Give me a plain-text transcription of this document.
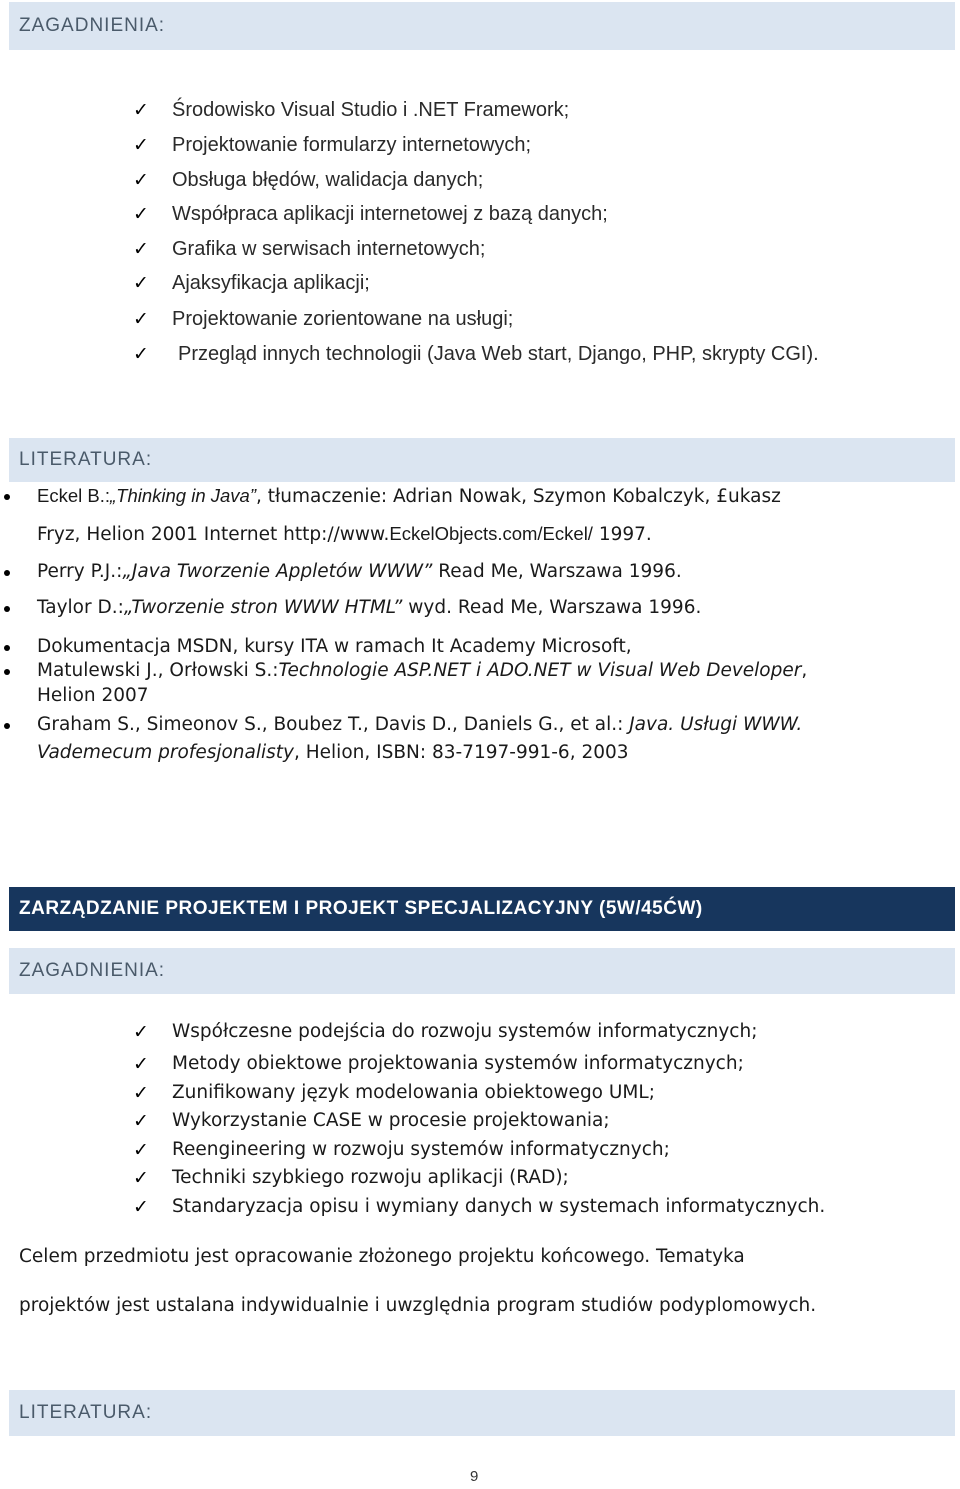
ZAGADNIENIA:
✓	Środowisko Visual Studio i .NET Framework;
✓	Projektowanie formularzy internetowych;
✓	Obsługa błędów, walidacja danych;
✓	Współpraca aplikacji internetowej z bazą danych;
✓	Grafika w serwisach internetowych;
✓	Ajaksyfikacja aplikacji;
✓	Projektowanie zorientowane na usługi;
✓	Przegląd innych technologii (Java Web start, Django, PHP, skrypty CGI).
LITERATURA:
Eckel B.:„Thinking in Java”, tłumaczenie: Adrian Nowak, Szymon Kobalczyk, £ukasz
Fryz, Helion 2001 Internet http://www.EckelObjects.com/Eckel/ 1997.
Perry P.J.:„Java Tworzenie Appletów WWW” Read Me, Warszawa 1996.
Taylor D.:„Tworzenie stron WWW HTML” wyd. Read Me, Warszawa 1996.
Dokumentacja MSDN, kursy ITA w ramach It Academy Microsoft,
Matulewski J., Orłowski S.:Technologie ASP.NET i ADO.NET w Visual Web Developer,
Helion 2007
Graham S., Simeonov S., Boubez T., Davis D., Daniels G., et al.: Java. Usługi WWW.
Vademecum profesjonalisty, Helion, ISBN: 83-7197-991-6, 2003
ZARZĄDZANIE PROJEKTEM I PROJEKT SPECJALIZACYJNY (5W/45ĆW)
ZAGADNIENIA:
✓	Współczesne podejścia do rozwoju systemów informatycznych;
✓	Metody obiektowe projektowania systemów informatycznych;
✓	Zunifikowany język modelowania obiektowego UML;
✓	Wykorzystanie CASE w procesie projektowania;
✓	Reengineering w rozwoju systemów informatycznych;
✓	Techniki szybkiego rozwoju aplikacji (RAD);
✓	Standaryzacja opisu i wymiany danych w systemach informatycznych.
Celem przedmiotu jest opracowanie złożonego projektu końcowego. Tematyka
projektów jest ustalana indywidualnie i uwzględnia program studiów podyplomowych.
LITERATURA:
9
